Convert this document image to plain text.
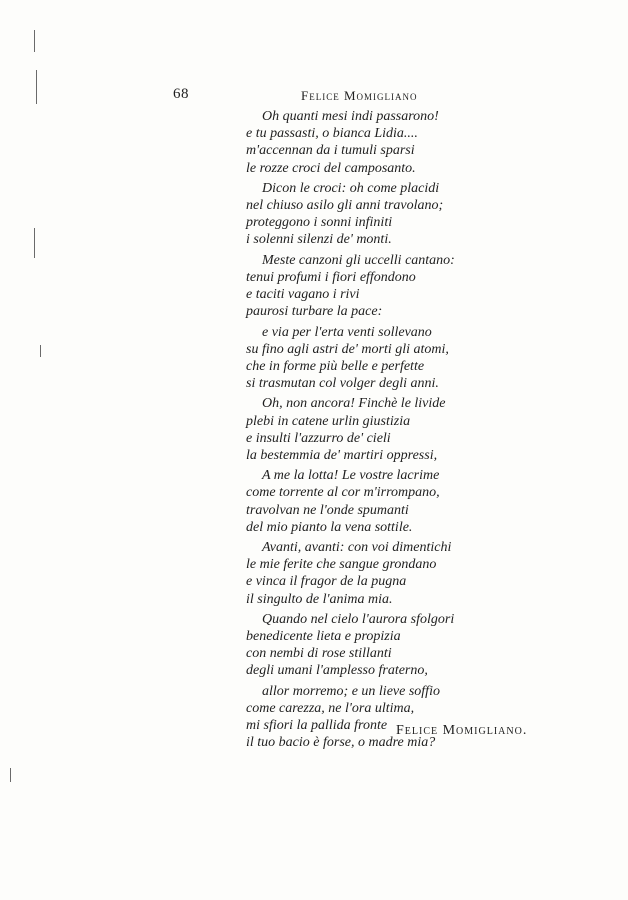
68	Felice Momigliano
Oh quanti mesi indi passarono!
e tu passasti, o bianca Lidia....
m'accennan da i tumuli sparsi
le rozze croci del camposanto.
Dicon le croci: oh come placidi
nel chiuso asilo gli anni travolano;
proteggono i sonni infiniti
i solenni silenzi de' monti.
Meste canzoni gli uccelli cantano:
tenui profumi i fiori effondono
e taciti vagano i rivi
paurosi turbare la pace:
e via per l'erta venti sollevano
su fino agli astri de' morti gli atomi,
che in forme più belle e perfette
si trasmutan col volger degli anni.
Oh, non ancora! Finchè le livide
plebi in catene urlin giustizia
e insulti l'azzurro de' cieli
la bestemmia de' martiri oppressi,
A me la lotta! Le vostre lacrime
come torrente al cor m'irrompano,
travolvan ne l'onde spumanti
del mio pianto la vena sottile.
Avanti, avanti: con voi dimentichi
le mie ferite che sangue grondano
e vinca il fragor de la pugna
il singulto de l'anima mia.
Quando nel cielo l'aurora sfolgori
benedicente lieta e propizia
con nembi di rose stillanti
degli umani l'amplesso fraterno,
allor morremo; e un lieve soffio
come carezza, ne l'ora ultima,
mi sfiori la pallida fronte
il tuo bacio è forse, o madre mia?
Felice Momigliano.
